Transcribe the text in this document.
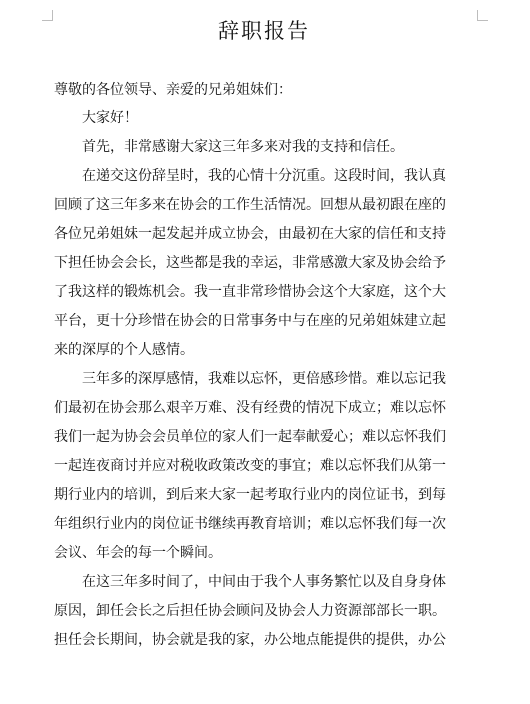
辞职报告

尊敬的各位领导、亲爱的兄弟姐妹们：

大家好！
首先，非常感谢大家这三年多来对我的支持和信任。
在递交这份辞呈时，我的心情十分沉重。这段时间，我认真
回顾了这三年多来在协会的工作生活情况。回想从最初跟在座的
各位兄弟姐妹一起发起并成立协会，由最初在大家的信任和支持
下担任协会会长，这些都是我的幸运，非常感激大家及协会给予
了我这样的锻炼机会。我一直非常珍惜协会这个大家庭，这个大
平台，更十分珍惜在协会的日常事务中与在座的兄弟姐妹建立起
来的深厚的个人感情。
三年多的深厚感情，我难以忘怀，更倍感珍惜。难以忘记我
们最初在协会那么艰辛万难、没有经费的情况下成立；难以忘怀
我们一起为协会会员单位的家人们一起奉献爱心；难以忘怀我们
一起连夜商讨并应对税收政策改变的事宜；难以忘怀我们从第一
期行业内的培训，到后来大家一起考取行业内的岗位证书，到每
年组织行业内的岗位证书继续再教育培训；难以忘怀我们每一次
会议、年会的每一个瞬间。
在这三年多时间了，中间由于我个人事务繁忙以及自身身体
原因，卸任会长之后担任协会顾问及协会人力资源部部长一职。
担任会长期间，协会就是我的家，办公地点能提供的提供，办公
